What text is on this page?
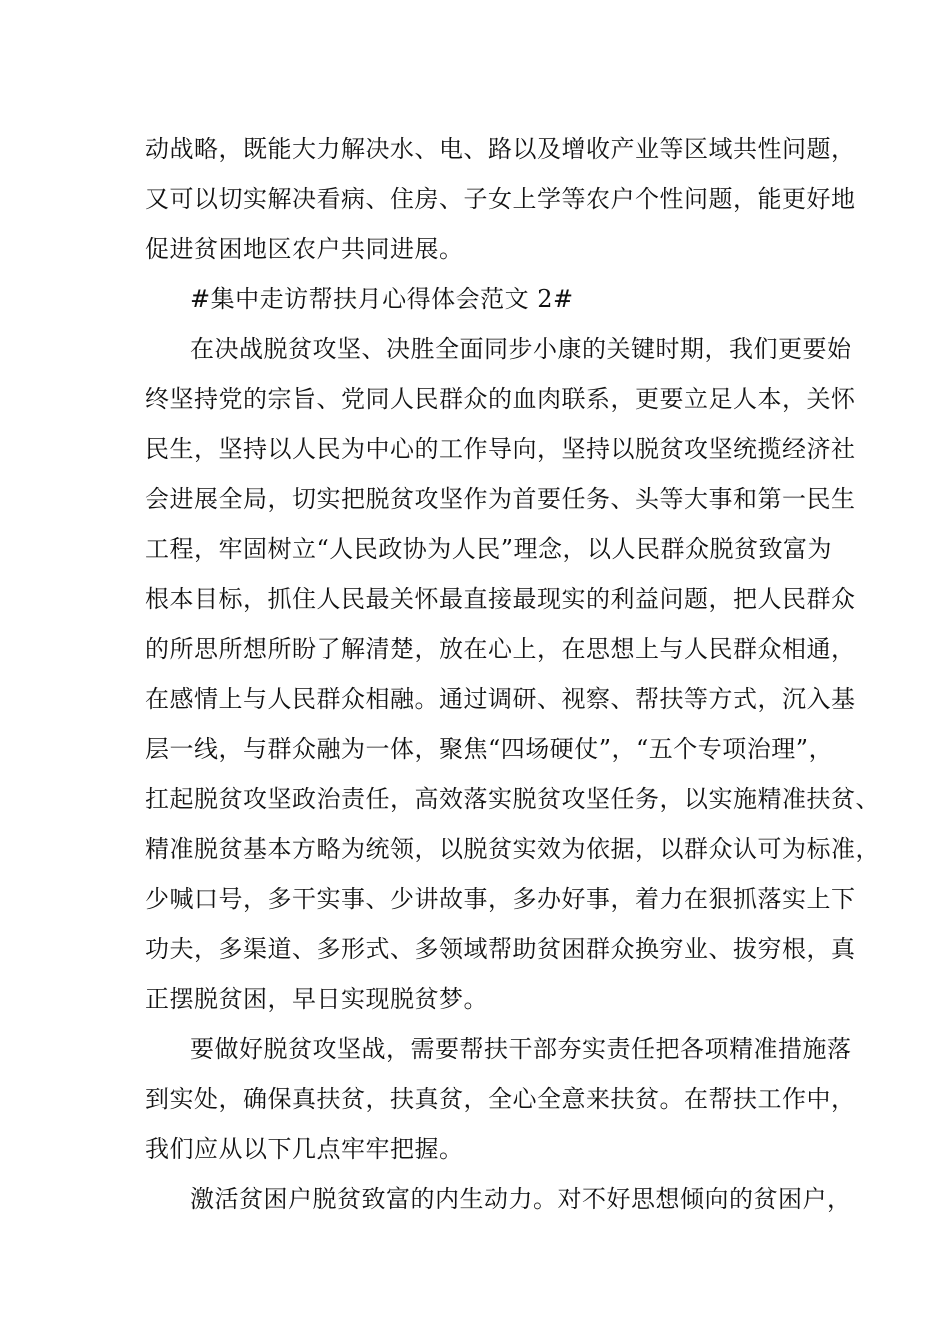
动战略，既能大力解决水、电、路以及增收产业等区域共性问题，
又可以切实解决看病、住房、子女上学等农户个性问题，能更好地
促进贫困地区农户共同进展。
#集中走访帮扶月心得体会范文 2#
在决战脱贫攻坚、决胜全面同步小康的关键时期，我们更要始
终坚持党的宗旨、党同人民群众的血肉联系，更要立足人本，关怀
民生，坚持以人民为中心的工作导向，坚持以脱贫攻坚统揽经济社
会进展全局，切实把脱贫攻坚作为首要任务、头等大事和第一民生
工程，牢固树立“人民政协为人民”理念，以人民群众脱贫致富为
根本目标，抓住人民最关怀最直接最现实的利益问题，把人民群众
的所思所想所盼了解清楚，放在心上，在思想上与人民群众相通，
在感情上与人民群众相融。通过调研、视察、帮扶等方式，沉入基
层一线，与群众融为一体，聚焦“四场硬仗”，“五个专项治理”，
扛起脱贫攻坚政治责任，高效落实脱贫攻坚任务，以实施精准扶贫、
精准脱贫基本方略为统领，以脱贫实效为依据，以群众认可为标准，
少喊口号，多干实事、少讲故事，多办好事，着力在狠抓落实上下
功夫，多渠道、多形式、多领域帮助贫困群众换穷业、拔穷根，真
正摆脱贫困，早日实现脱贫梦。
要做好脱贫攻坚战，需要帮扶干部夯实责任把各项精准措施落
到实处，确保真扶贫，扶真贫，全心全意来扶贫。在帮扶工作中，
我们应从以下几点牢牢把握。
激活贫困户脱贫致富的内生动力。对不好思想倾向的贫困户，
